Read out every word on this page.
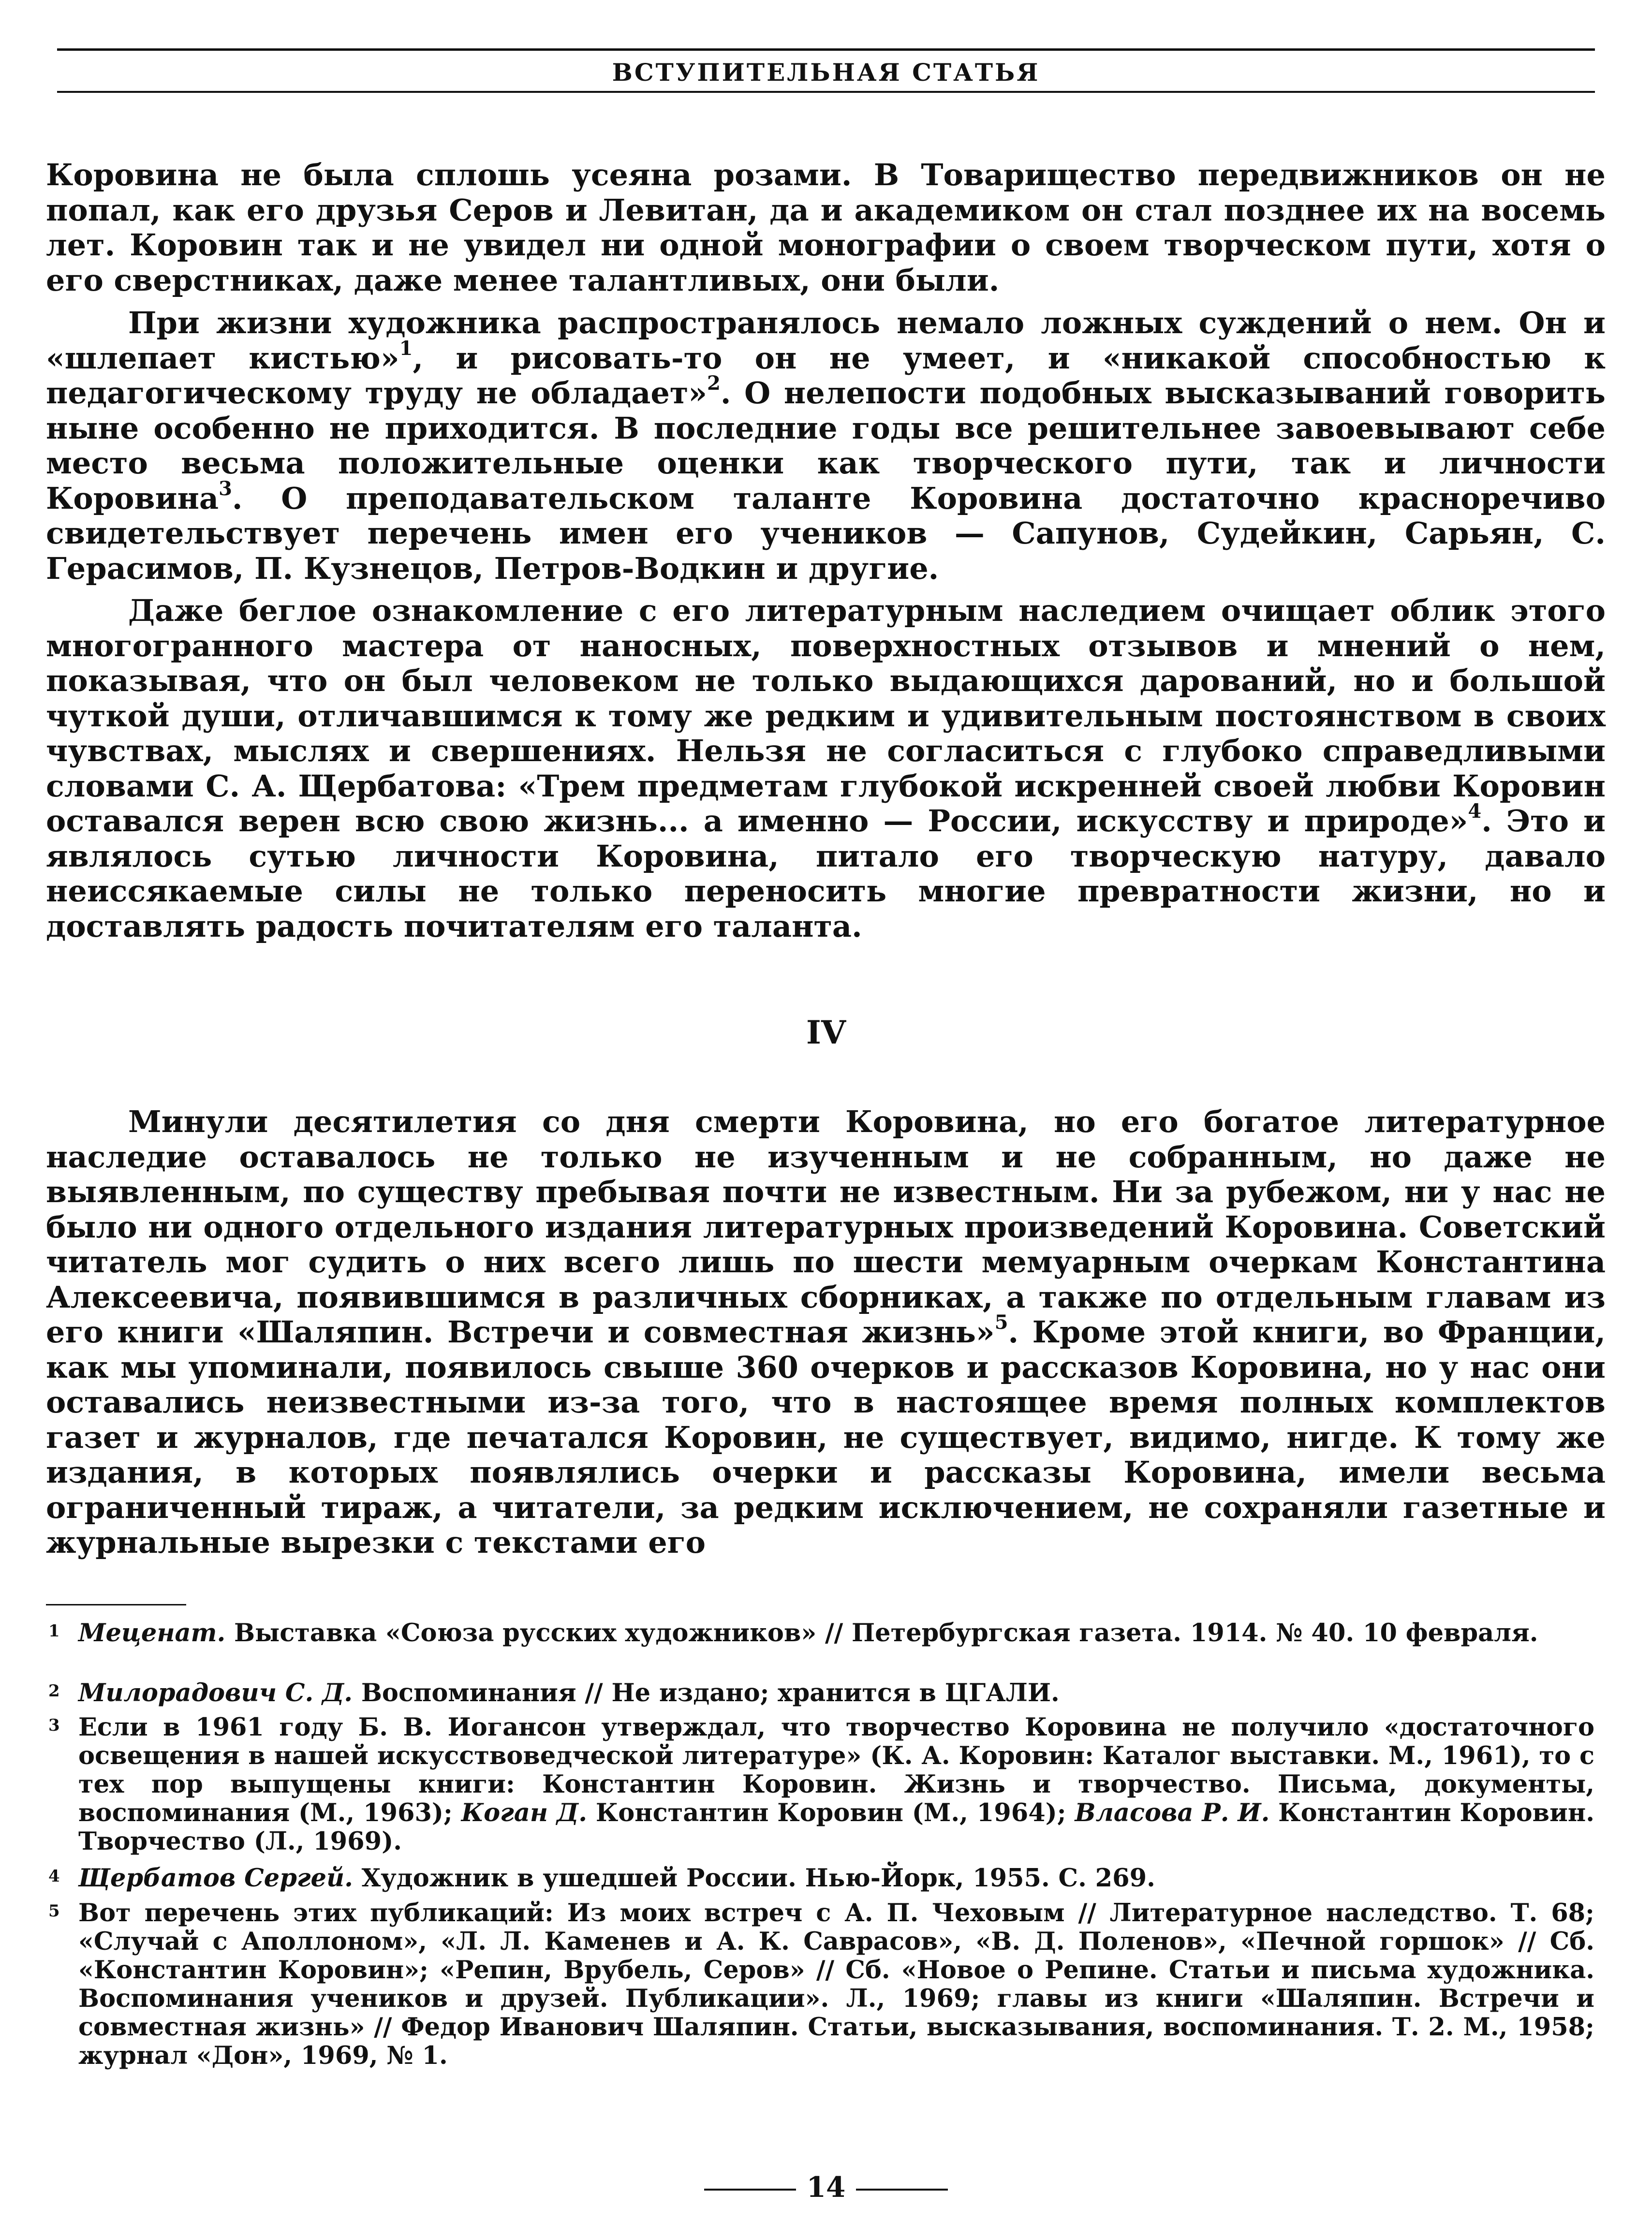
ВСТУПИТЕЛЬНАЯ СТАТЬЯ

Коровина не была сплошь усеяна розами. В Товарищество передвижников он не попал, как его друзья Серов и Левитан, да и академиком он стал позднее их на восемь лет. Коровин так и не увидел ни одной монографии о своем творческом пути, хотя о его сверстниках, даже менее талантливых, они были.

При жизни художника распространялось немало ложных суждений о нем. Он и «шлепает кистью»$^1$, и рисовать-то он не умеет, и «никакой способностью к педагогическому труду не обладает»$^2$. О нелепости подобных высказываний говорить ныне особенно не приходится. В последние годы все решительнее завоевывают себе место весьма положительные оценки как творческого пути, так и личности Коровина$^3$. О преподавательском таланте Коровина достаточно красноречиво свидетельствует перечень имен его учеников — Сапунов, Судейкин, Сарьян, С. Герасимов, П. Кузнецов, Петров-Водкин и другие.

Даже беглое ознакомление с его литературным наследием очищает облик этого многогранного мастера от наносных, поверхностных отзывов и мнений о нем, показывая, что он был человеком не только выдающихся дарований, но и большой чуткой души, отличавшимся к тому же редким и удивительным постоянством в своих чувствах, мыслях и свершениях. Нельзя не согласиться с глубоко справедливыми словами С. А. Щербатова: «Трем предметам глубокой искренней своей любви Коровин оставался верен всю свою жизнь... а именно — России, искусству и природе»$^4$. Это и являлось сутью личности Коровина, питало его творческую натуру, давало неиссякаемые силы не только переносить многие превратности жизни, но и доставлять радость почитателям его таланта.

IV

Минули десятилетия со дня смерти Коровина, но его богатое литературное наследие оставалось не только не изученным и не собранным, но даже не выявленным, по существу пребывая почти не известным. Ни за рубежом, ни у нас не было ни одного отдельного издания литературных произведений Коровина. Советский читатель мог судить о них всего лишь по шести мемуарным очеркам Константина Алексеевича, появившимся в различных сборниках, а также по отдельным главам из его книги «Шаляпин. Встречи и совместная жизнь»$^5$. Кроме этой книги, во Франции, как мы упоминали, появилось свыше 360 очерков и рассказов Коровина, но у нас они оставались неизвестными из-за того, что в настоящее время полных комплектов газет и журналов, где печатался Коровин, не существует, видимо, нигде. К тому же издания, в которых появлялись очерки и рассказы Коровина, имели весьма ограниченный тираж, а читатели, за редким исключением, не сохраняли газетные и журнальные вырезки с текстами его

1 Меценат. Выставка «Союза русских художников» // Петербургская газета. 1914. № 40. 10 февраля.

2 Милорадович С. Д. Воспоминания // Не издано; хранится в ЦГАЛИ.

3 Если в 1961 году Б. В. Иогансон утверждал, что творчество Коровина не получило «достаточного освещения в нашей искусствоведческой литературе» (К. А. Коровин: Каталог выставки. М., 1961), то с тех пор выпущены книги: Константин Коровин. Жизнь и творчество. Письма, документы, воспоминания (М., 1963); Коган Д. Константин Коровин (М., 1964); Власова Р. И. Константин Коровин. Творчество (Л., 1969).

4 Щербатов Сергей. Художник в ушедшей России. Нью-Йорк, 1955. С. 269.

5 Вот перечень этих публикаций: Из моих встреч с А. П. Чеховым // Литературное наследство. Т. 68; «Случай с Аполлоном», «Л. Л. Каменев и А. К. Саврасов», «В. Д. Поленов», «Печной горшок» // Сб. «Константин Коровин»; «Репин, Врубель, Серов» // Сб. «Новое о Репине. Статьи и письма художника. Воспоминания учеников и друзей. Публикации». Л., 1969; главы из книги «Шаляпин. Встречи и совместная жизнь» // Федор Иванович Шаляпин. Статьи, высказывания, воспоминания. Т. 2. М., 1958; журнал «Дон», 1969, № 1.

14
